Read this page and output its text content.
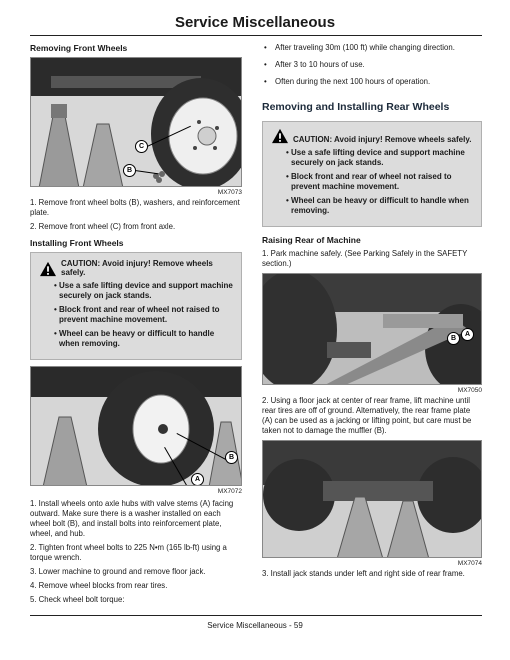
Service Miscellaneous
Removing Front Wheels
C
B
MX7073
1. Remove front wheel bolts (B), washers, and reinforcement plate.
2. Remove front wheel (C) from front axle.
Installing Front Wheels
CAUTION: Avoid injury! Remove wheels safely.
• Use a safe lifting device and support machine securely on jack stands.
• Block front and rear of wheel not raised to prevent machine movement.
• Wheel can be heavy or difficult to handle when removing.
B
A
MX7072
1. Install wheels onto axle hubs with valve stems (A) facing outward. Make sure there is a washer installed on each wheel bolt (B), and install bolts into reinforcement plate, wheel, and hub.
2. Tighten front wheel bolts to 225 N•m (165 lb-ft) using a torque wrench.
3. Lower machine to ground and remove floor jack.
4. Remove wheel blocks from rear tires.
5. Check wheel bolt torque:
• After traveling 30m (100 ft) while changing direction.
• After 3 to 10 hours of use.
• Often during the next 100 hours of operation.
Removing and Installing Rear Wheels
CAUTION: Avoid injury! Remove wheels safely.
• Use a safe lifting device and support machine securely on jack stands.
• Block front and rear of wheel not raised to prevent machine movement.
• Wheel can be heavy or difficult to handle when removing.
Raising Rear of Machine
1. Park machine safely. (See Parking Safely in the SAFETY section.)
B
A
MX7050
2. Using a floor jack at center of rear frame, lift machine until rear tires are off of ground. Alternatively, the rear frame plate (A) can be used as a jacking or lifting point, but care must be taken not to damage the muffler (B).
MX7074
3. Install jack stands under left and right side of rear frame.
Service Miscellaneous - 59
